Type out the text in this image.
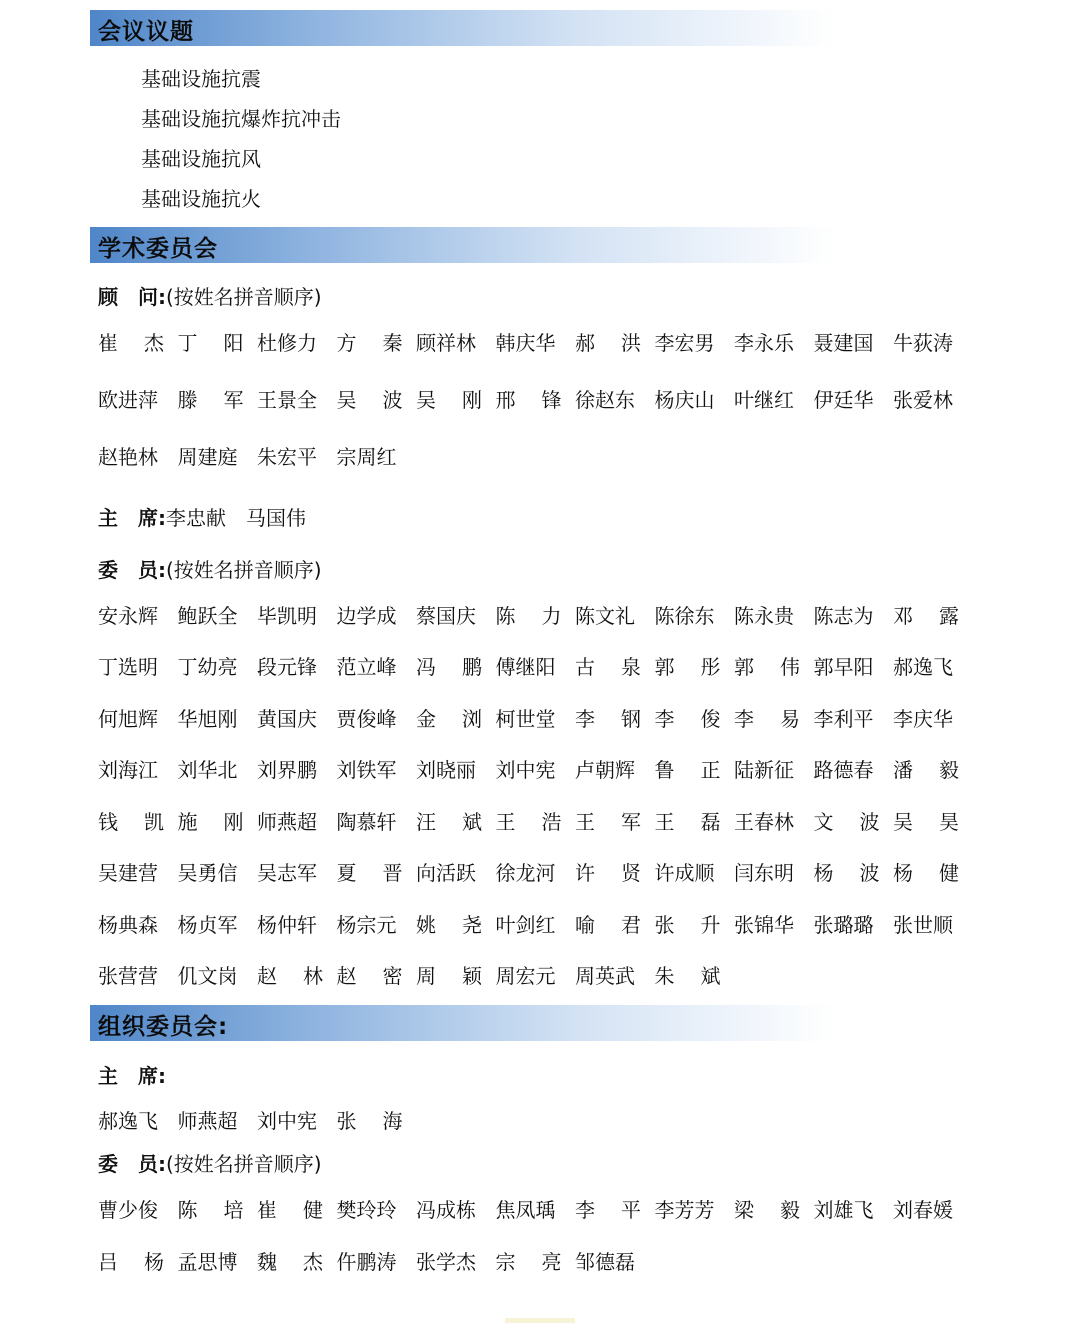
会议议题
基础设施抗震
基础设施抗爆炸抗冲击
基础设施抗风
基础设施抗火
学术委员会
顾　问:(按姓名拼音顺序)
崔 杰 丁 阳 杜修力 方 秦 顾祥林 韩庆华 郝 洪 李宏男 李永乐 聂建国 牛荻涛
欧进萍 滕 军 王景全 吴 波 吴 刚 邢 锋 徐赵东 杨庆山 叶继红 伊廷华 张爱林
赵艳林 周建庭 朱宏平 宗周红
主　席:李忠献　马国伟
委　员:(按姓名拼音顺序)
安永辉 鲍跃全 毕凯明 边学成 蔡国庆 陈 力 陈文礼 陈徐东 陈永贵 陈志为 邓 露
丁选明 丁幼亮 段元锋 范立峰 冯 鹏 傅继阳 古 泉 郭 彤 郭 伟 郭早阳 郝逸飞
何旭辉 华旭刚 黄国庆 贾俊峰 金 浏 柯世堂 李 钢 李 俊 李 易 李利平 李庆华
刘海江 刘华北 刘界鹏 刘铁军 刘晓丽 刘中宪 卢朝辉 鲁 正 陆新征 路德春 潘 毅
钱 凯 施 刚 师燕超 陶慕轩 汪 斌 王 浩 王 军 王 磊 王春林 文 波 吴 昊
吴建营 吴勇信 吴志军 夏 晋 向活跃 徐龙河 许 贤 许成顺 闫东明 杨 波 杨 健
杨典森 杨贞军 杨仲轩 杨宗元 姚 尧 叶剑红 喻 君 张 升 张锦华 张璐璐 张世顺
张营营 仉文岗 赵 林 赵 密 周 颖 周宏元 周英武 朱 斌
组织委员会:
主　席:
郝逸飞 师燕超 刘中宪 张 海
委　员:(按姓名拼音顺序)
曹少俊 陈 培 崔 健 樊玲玲 冯成栋 焦凤瑀 李 平 李芳芳 梁 毅 刘雄飞 刘春媛
吕 杨 孟思博 魏 杰 仵鹏涛 张学杰 宗 亮 邹德磊
